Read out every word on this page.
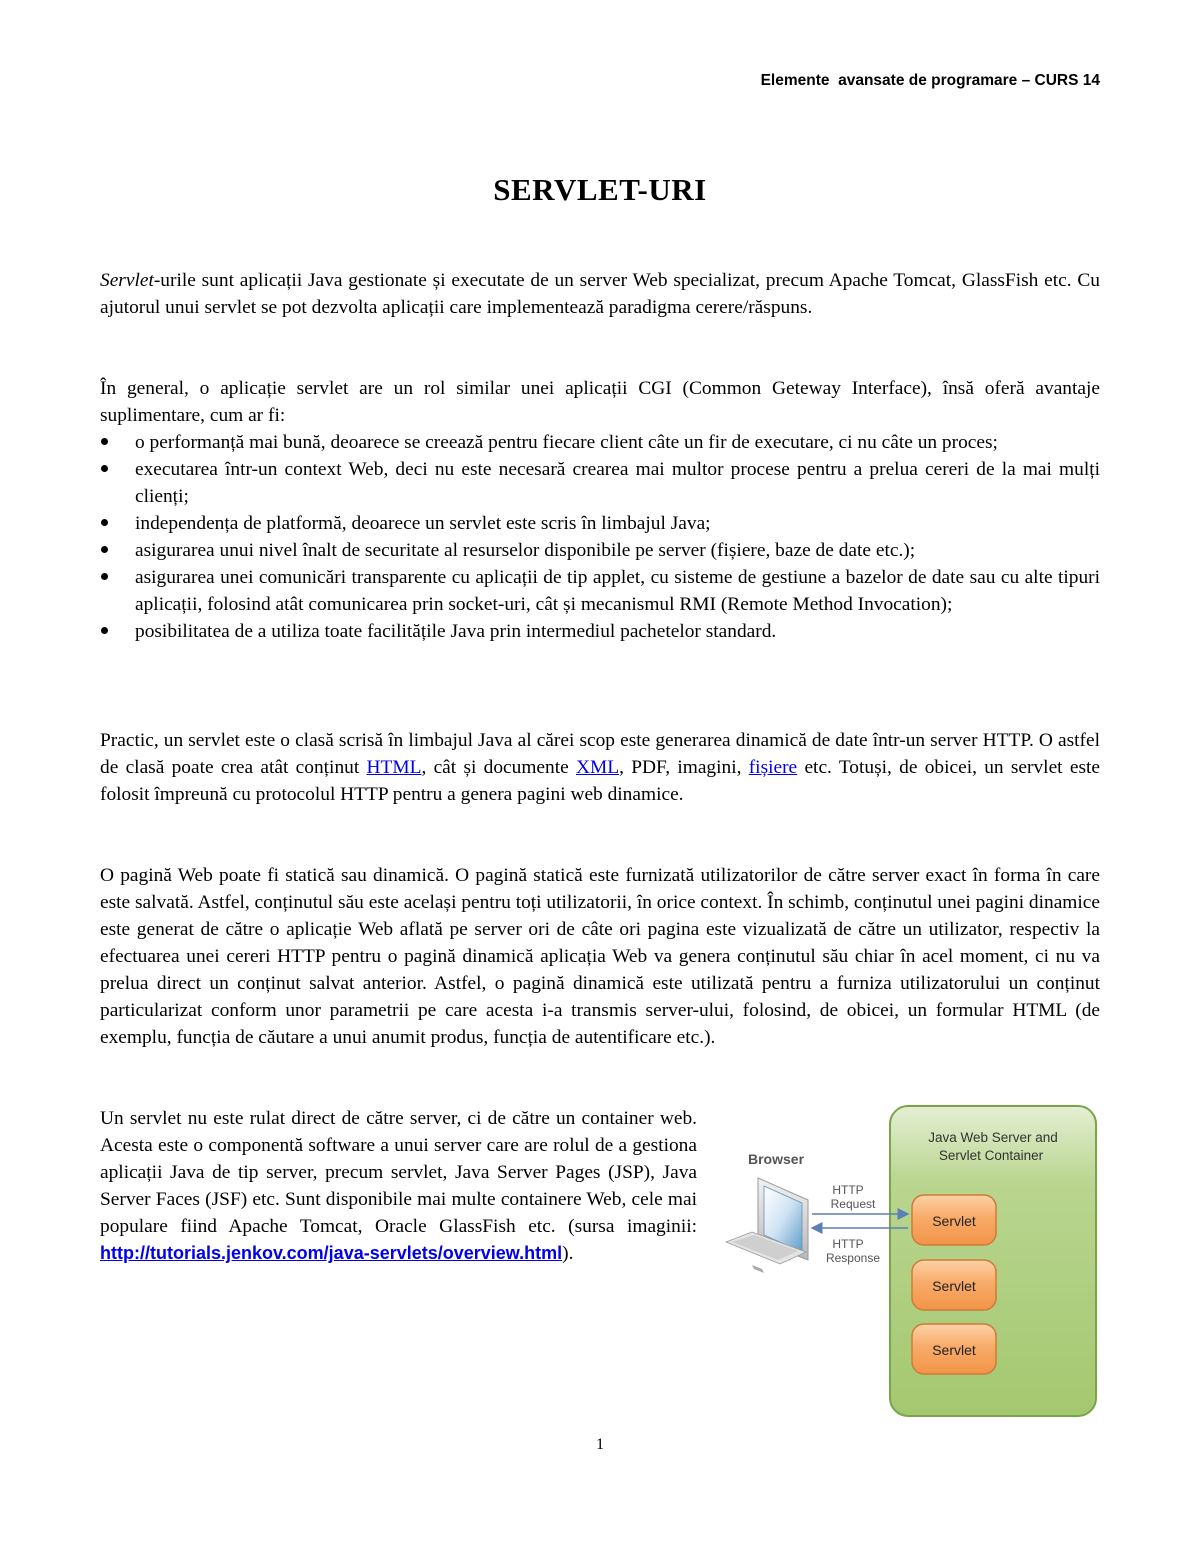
Elemente  avansate de programare – CURS 14
SERVLET-URI

Servlet-urile sunt aplicații Java gestionate și executate de un server Web specializat, precum Apache Tomcat, GlassFish etc. Cu ajutorul unui servlet se pot dezvolta aplicații care implementează paradigma cerere/răspuns.

În general, o aplicație servlet are un rol similar unei aplicații CGI (Common Geteway Interface), însă oferă avantaje suplimentare, cum ar fi:

o performanță mai bună, deoarece se creează pentru fiecare client câte un fir de executare, ci nu câte un proces;
executarea într-un context Web, deci nu este necesară crearea mai multor procese pentru a prelua cereri de la mai mulți clienți;
independența de platformă, deoarece un servlet este scris în limbajul Java;
asigurarea unui nivel înalt de securitate al resurselor disponibile pe server (fișiere, baze de date etc.);
asigurarea unei comunicări transparente cu aplicații de tip applet, cu sisteme de gestiune a bazelor de date sau cu alte tipuri aplicații, folosind atât comunicarea prin socket-uri, cât și mecanismul RMI (Remote Method Invocation);
posibilitatea de a utiliza toate facilitățile Java prin intermediul pachetelor standard.

Practic, un servlet este o clasă scrisă în limbajul Java al cărei scop este generarea dinamică de date într-un server HTTP. O astfel de clasă poate crea atât conținut HTML, cât și documente XML, PDF, imagini, fișiere etc. Totuși, de obicei, un servlet este folosit împreună cu protocolul HTTP pentru a genera pagini web dinamice.

O pagină Web poate fi statică sau dinamică. O pagină statică este furnizată utilizatorilor de către server exact în forma în care este salvată. Astfel, conținutul său este același pentru toți utilizatorii, în orice context. În schimb, conținutul unei pagini dinamice este generat de către o aplicație Web aflată pe server ori de câte ori pagina este vizualizată de către un utilizator, respectiv la efectuarea unei cereri HTTP pentru o pagină dinamică aplicația Web va genera conținutul său chiar în acel moment, ci nu va prelua direct un conținut salvat anterior. Astfel, o pagină dinamică este utilizată pentru a furniza utilizatorului un conținut particularizat conform unor parametrii pe care acesta i-a transmis server-ului, folosind, de obicei, un formular HTML (de exemplu, funcția de căutare a unui anumit produs, funcția de autentificare etc.).

Un servlet nu este rulat direct de către server, ci de către un container web. Acesta este o componentă software a unui server care are rolul de a gestiona aplicații Java de tip server, precum servlet, Java Server Pages (JSP), Java Server Faces (JSF) etc. Sunt disponibile mai multe containere Web, cele mai populare fiind Apache Tomcat, Oracle GlassFish etc. (sursa imaginii: http://tutorials.jenkov.com/java-servlets/overview.html).

Java Web Server and
Servlet Container
Servlet
Servlet
Servlet
Browser
HTTP
Request
HTTP
Response
1
